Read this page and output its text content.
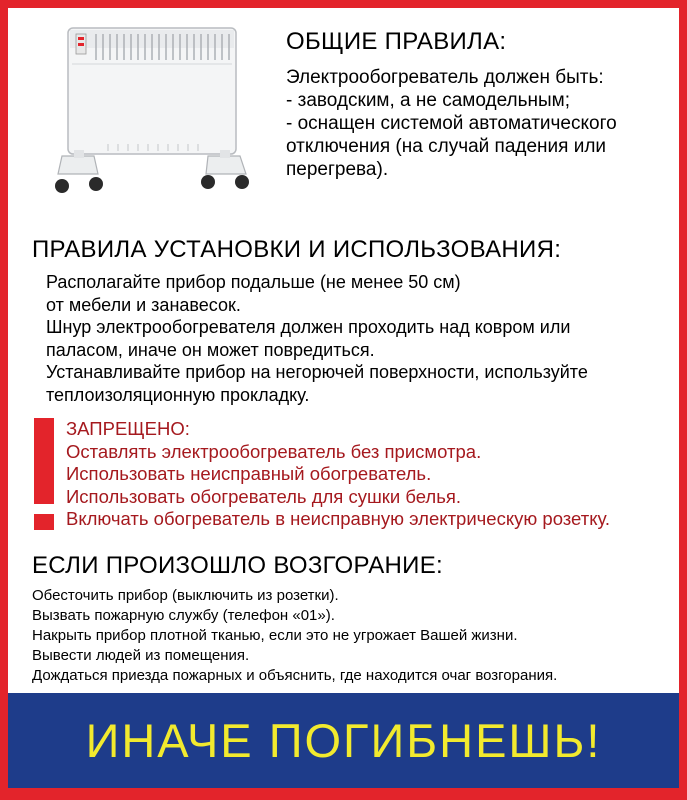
ОБЩИЕ ПРАВИЛА:
Электрообогреватель должен быть:
- заводским, а не самодельным;
- оснащен системой автоматического
отключения (на случай падения или
перегрева).
ПРАВИЛА УСТАНОВКИ И ИСПОЛЬЗОВАНИЯ:
Располагайте прибор подальше (не менее 50 см)
от мебели и занавесок.
Шнур электрообогревателя должен проходить над ковром или
паласом, иначе он может повредиться.
Устанавливайте прибор на негорючей поверхности, используйте
теплоизоляционную прокладку.
ЗАПРЕЩЕНО:
Оставлять электрообогреватель без присмотра.
Использовать неисправный обогреватель.
Использовать обогреватель для сушки белья.
Включать обогреватель в неисправную электрическую розетку.
ЕСЛИ ПРОИЗОШЛО ВОЗГОРАНИЕ:
Обесточить прибор (выключить из розетки).
Вызвать пожарную службу (телефон «01»).
Накрыть прибор плотной тканью, если это не угрожает Вашей жизни.
Вывести людей из помещения.
Дождаться приезда пожарных и объяснить, где находится очаг возгорания.
ИНАЧЕ ПОГИБНЕШЬ!
